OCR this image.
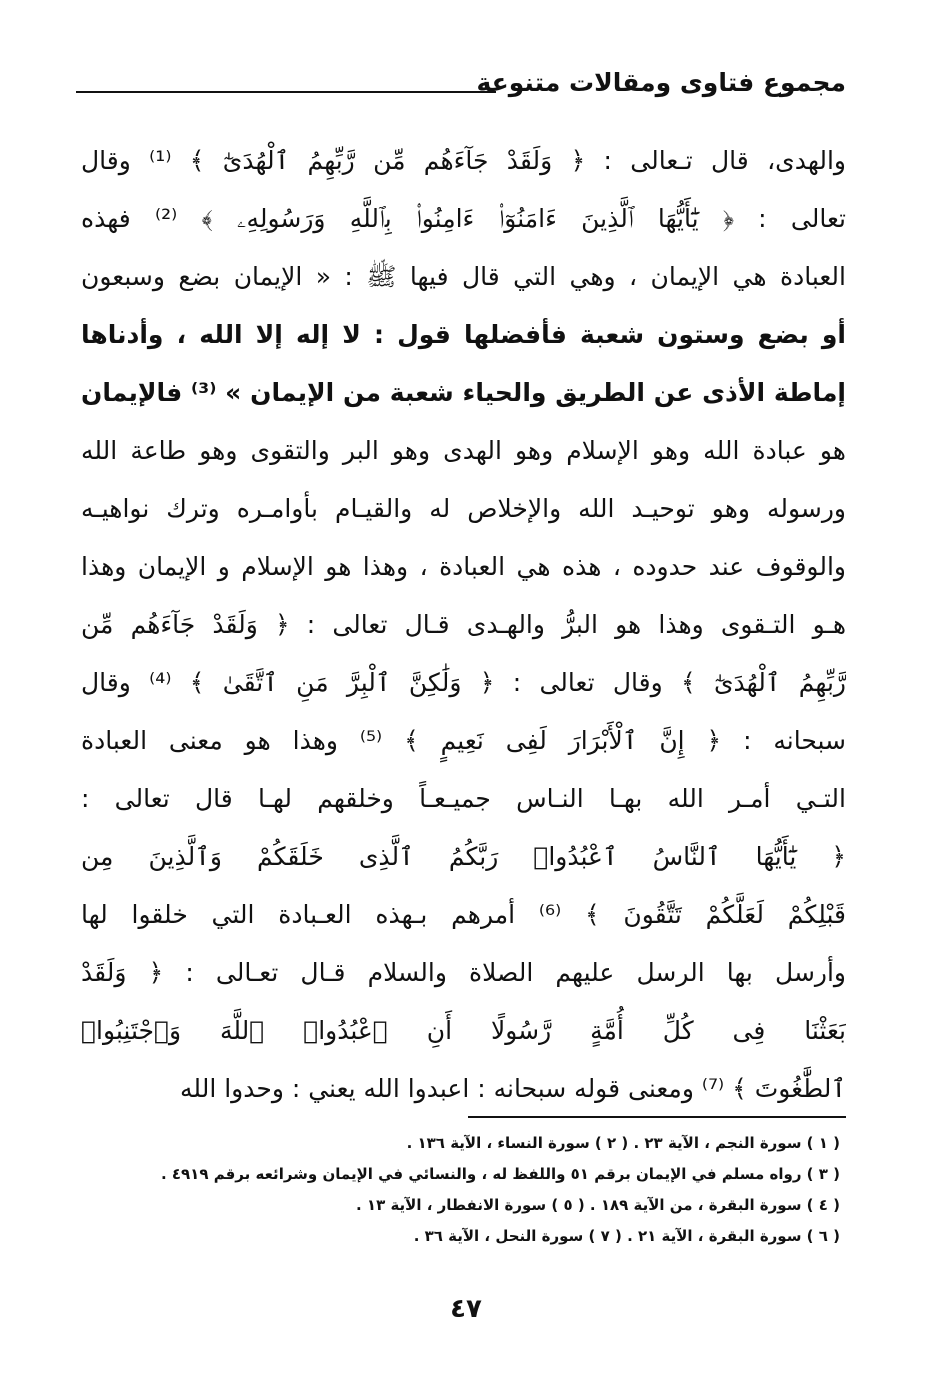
مجموع فتاوى ومقالات متنوعة
والهدى، قال تـعالى : ﴿ وَلَقَدْ جَآءَهُم مِّن رَّبِّهِمُ ٱلْهُدَىٰٓ ﴾ ⁽¹⁾ وقال
تعالى : ﴿ يَٰٓأَيُّهَا ٱلَّذِينَ ءَامَنُوٓا۟ ءَامِنُوا۟ بِٱللَّهِ وَرَسُولِهِۦ ﴾ ⁽²⁾ فهذه
العبادة هي الإيمان ، وهي التي قال فيها ﷺ : « الإيمان بضع وسبعون
أو بضع وستون شعبة فأفضلها قول : لا إله إلا الله ، وأدناها
إماطة الأذى عن الطريق والحياء شعبة من الإيمان » ⁽³⁾ فالإيمان
هو عبادة الله وهو الإسلام وهو الهدى وهو البر والتقوى وهو طاعة الله
ورسوله وهو توحيـد الله والإخلاص له والقيـام بأوامـره وترك نواهيـه
والوقوف عند حدوده ، هذه هي العبادة ، وهذا هو الإسلام و الإيمان وهذا
هـو التـقوى وهذا هو البرُّ والهـدى قـال تعالى : ﴿ وَلَقَدْ جَآءَهُم مِّن
رَّبِّهِمُ ٱلْهُدَىٰٓ ﴾ وقال تعالى : ﴿ وَلَٰكِنَّ ٱلْبِرَّ مَنِ ٱتَّقَىٰ ﴾ ⁽⁴⁾ وقال
سبحانه : ﴿ إِنَّ ٱلْأَبْرَارَ لَفِى نَعِيمٍ ﴾ ⁽⁵⁾ وهذا هو معنى العبادة
التـي أمـر الله بهـا النـاس جميـعـاً وخلقهم لهـا قال تعالى :
﴿ يَٰٓأَيُّهَا ٱلنَّاسُ ٱعْبُدُوا۟ رَبَّكُمُ ٱلَّذِى خَلَقَكُمْ وَٱلَّذِينَ مِن
قَبْلِكُمْ لَعَلَّكُمْ تَتَّقُونَ ﴾ ⁽⁶⁾ أمرهم بـهذه العـبادة التي خلقوا لها
وأرسل بها الرسل عليهم الصلاة والسلام قـال تعـالى : ﴿ وَلَقَدْ
بَعَثْنَا فِى كُلِّ أُمَّةٍ رَّسُولًا أَنِ ٱعْبُدُوا۟ ٱللَّهَ وَٱجْتَنِبُوا۟
ٱلطَّٰغُوتَ ﴾ ⁽⁷⁾ ومعنى قوله سبحانه : اعبدوا الله يعني : وحدوا الله
( ١ ) سورة النجم ، الآية ٢٣ . ( ٢ ) سورة النساء ، الآية ١٣٦ .
( ٣ ) رواه مسلم في الإيمان برقم ٥١ واللفظ له ، والنسائي في الإيمان وشرائعه برقم ٤٩١٩ .
( ٤ ) سورة البقرة ، من الآية ١٨٩ . ( ٥ ) سورة الانفطار ، الآية ١٣ .
( ٦ ) سورة البقرة ، الآية ٢١ . ( ٧ ) سورة النحل ، الآية ٣٦ .
٤٧
